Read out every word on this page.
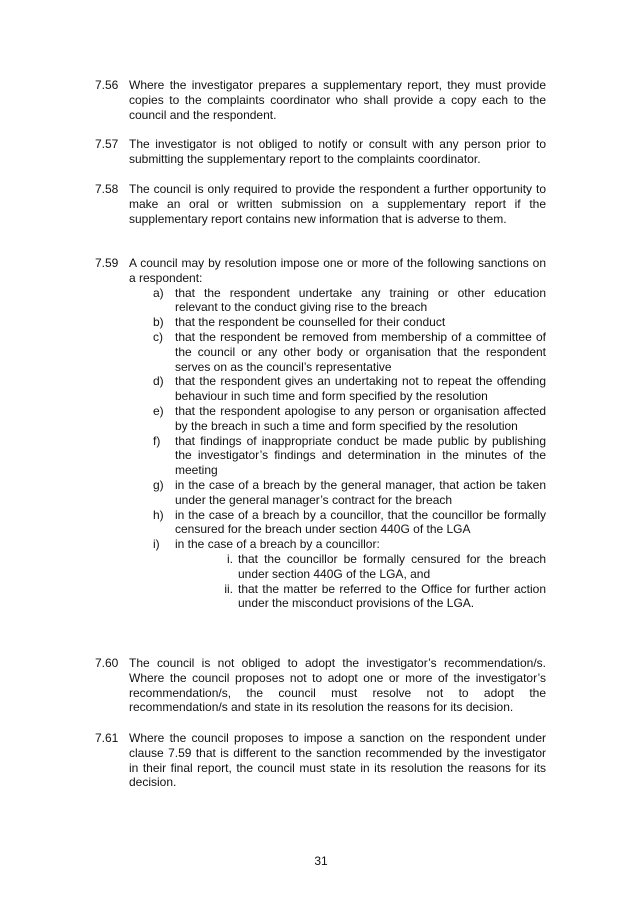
7.56 Where the investigator prepares a supplementary report, they must provide copies to the complaints coordinator who shall provide a copy each to the council and the respondent.
7.57 The investigator is not obliged to notify or consult with any person prior to submitting the supplementary report to the complaints coordinator.
7.58 The council is only required to provide the respondent a further opportunity to make an oral or written submission on a supplementary report if the supplementary report contains new information that is adverse to them.
7.59 A council may by resolution impose one or more of the following sanctions on a respondent:
a) that the respondent undertake any training or other education relevant to the conduct giving rise to the breach
b) that the respondent be counselled for their conduct
c) that the respondent be removed from membership of a committee of the council or any other body or organisation that the respondent serves on as the council’s representative
d) that the respondent gives an undertaking not to repeat the offending behaviour in such time and form specified by the resolution
e) that the respondent apologise to any person or organisation affected by the breach in such a time and form specified by the resolution
f) that findings of inappropriate conduct be made public by publishing the investigator’s findings and determination in the minutes of the meeting
g) in the case of a breach by the general manager, that action be taken under the general manager’s contract for the breach
h) in the case of a breach by a councillor, that the councillor be formally censured for the breach under section 440G of the LGA
i) in the case of a breach by a councillor:
i. that the councillor be formally censured for the breach under section 440G of the LGA, and
ii. that the matter be referred to the Office for further action under the misconduct provisions of the LGA.
7.60 The council is not obliged to adopt the investigator’s recommendation/s. Where the council proposes not to adopt one or more of the investigator’s recommendation/s, the council must resolve not to adopt the recommendation/s and state in its resolution the reasons for its decision.
7.61 Where the council proposes to impose a sanction on the respondent under clause 7.59 that is different to the sanction recommended by the investigator in their final report, the council must state in its resolution the reasons for its decision.
31
